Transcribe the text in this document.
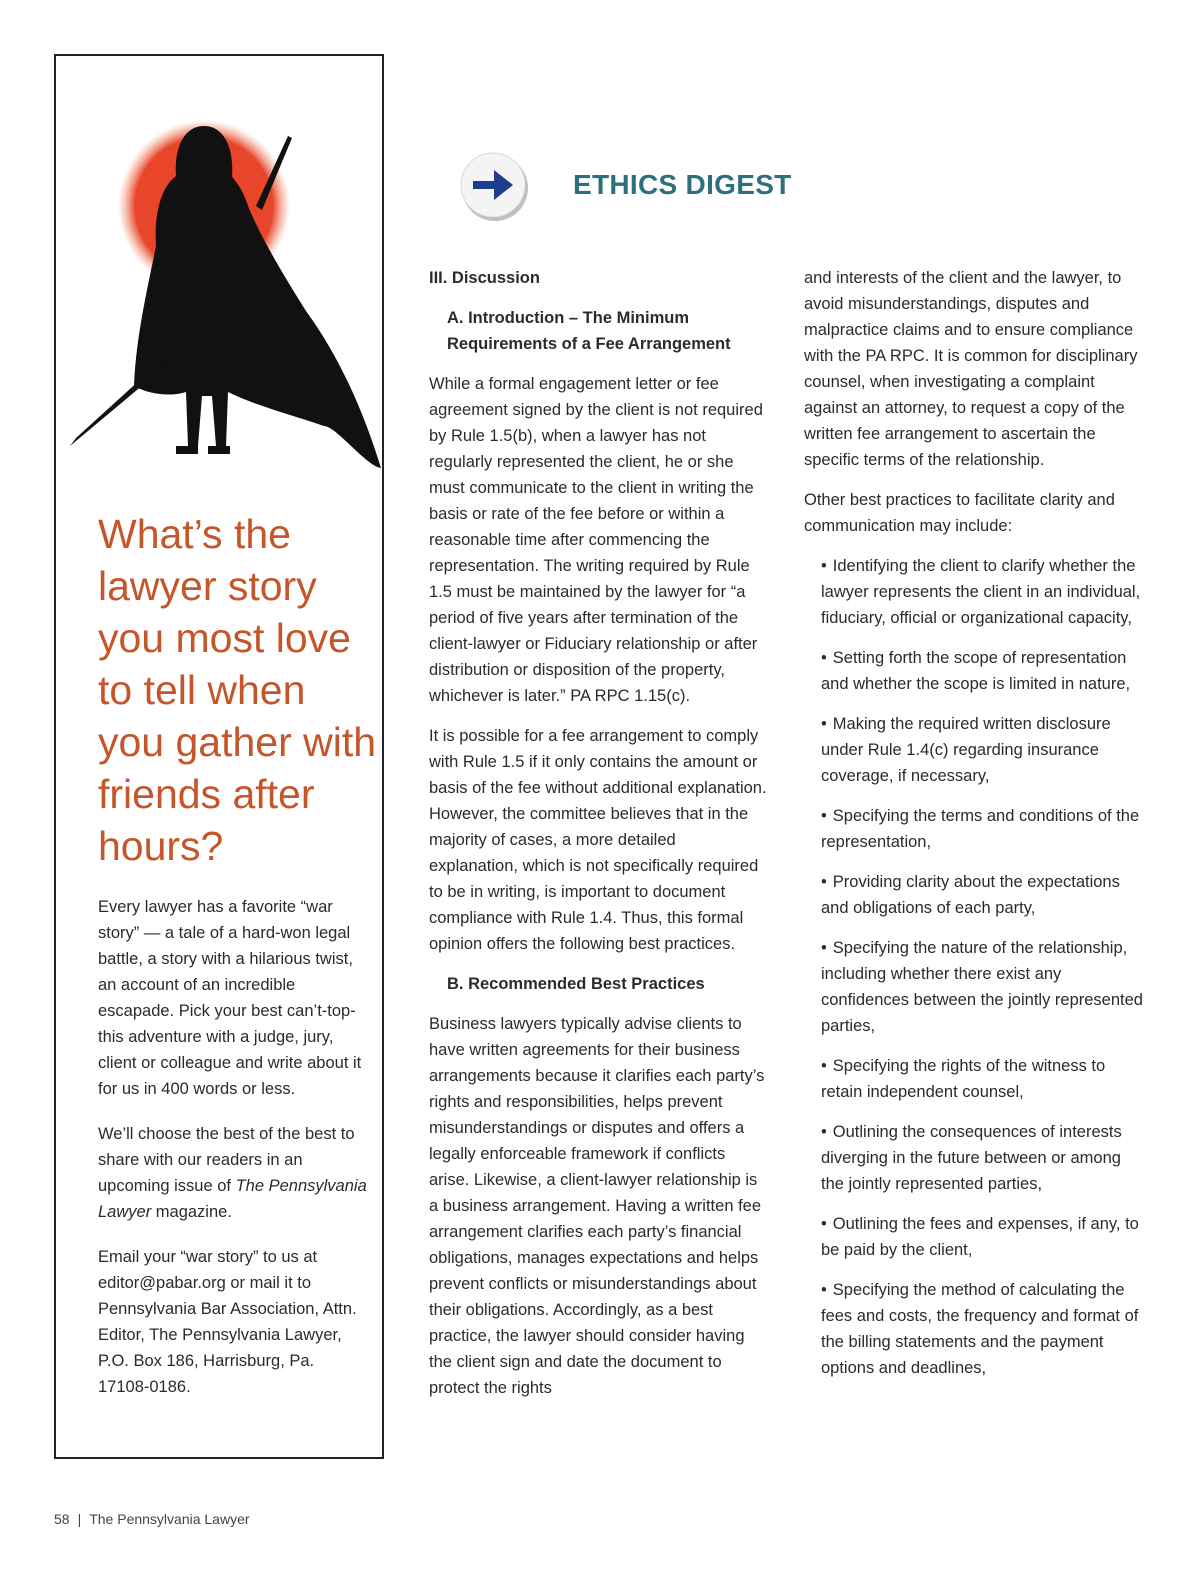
What’s the lawyer story you most love to tell when you gather with friends after hours?

Every lawyer has a favorite “war story” — a tale of a hard-won legal battle, a story with a hilarious twist, an account of an incredible escapade. Pick your best can’t-top-this adventure with a judge, jury, client or colleague and write about it for us in 400 words or less.

We’ll choose the best of the best to share with our readers in an upcoming issue of The Pennsylvania Lawyer magazine.

Email your “war story” to us at editor@pabar.org or mail it to Pennsylvania Bar Association, Attn. Editor, The Pennsylvania Lawyer, P.O. Box 186, Harrisburg, Pa. 17108-0186.

ETHICS DIGEST

III. Discussion

A. Introduction – The Minimum Requirements of a Fee Arrangement

While a formal engagement letter or fee agreement signed by the client is not required by Rule 1.5(b), when a lawyer has not regularly represented the client, he or she must communicate to the client in writing the basis or rate of the fee before or within a reasonable time after commencing the representation. The writing required by Rule 1.5 must be maintained by the lawyer for “a period of five years after termination of the client-lawyer or Fiduciary relationship or after distribution or disposition of the property, whichever is later.” PA RPC 1.15(c).

It is possible for a fee arrangement to comply with Rule 1.5 if it only contains the amount or basis of the fee without additional explanation. However, the committee believes that in the majority of cases, a more detailed explanation, which is not specifically required to be in writing, is important to document compliance with Rule 1.4. Thus, this formal opinion offers the following best practices.

B. Recommended Best Practices

Business lawyers typically advise clients to have written agreements for their business arrangements because it clarifies each party’s rights and responsibilities, helps prevent misunderstandings or disputes and offers a legally enforceable framework if conflicts arise. Likewise, a client-lawyer relationship is a business arrangement. Having a written fee arrangement clarifies each party’s financial obligations, manages expectations and helps prevent conflicts or misunderstandings about their obligations. Accordingly, as a best practice, the lawyer should consider having the client sign and date the document to protect the rights

and interests of the client and the lawyer, to avoid misunderstandings, disputes and malpractice claims and to ensure compliance with the PA RPC. It is common for disciplinary counsel, when investigating a complaint against an attorney, to request a copy of the written fee arrangement to ascertain the specific terms of the relationship.

Other best practices to facilitate clarity and communication may include:

• Identifying the client to clarify whether the lawyer represents the client in an individual, fiduciary, official or organizational capacity,
• Setting forth the scope of representation and whether the scope is limited in nature,
• Making the required written disclosure under Rule 1.4(c) regarding insurance coverage, if necessary,
• Specifying the terms and conditions of the representation,
• Providing clarity about the expectations and obligations of each party,
• Specifying the nature of the relationship, including whether there exist any confidences between the jointly represented parties,
• Specifying the rights of the witness to retain independent counsel,
• Outlining the consequences of interests diverging in the future between or among the jointly represented parties,
• Outlining the fees and expenses, if any, to be paid by the client,
• Specifying the method of calculating the fees and costs, the frequency and format of the billing statements and the payment options and deadlines,
58 | The Pennsylvania Lawyer
